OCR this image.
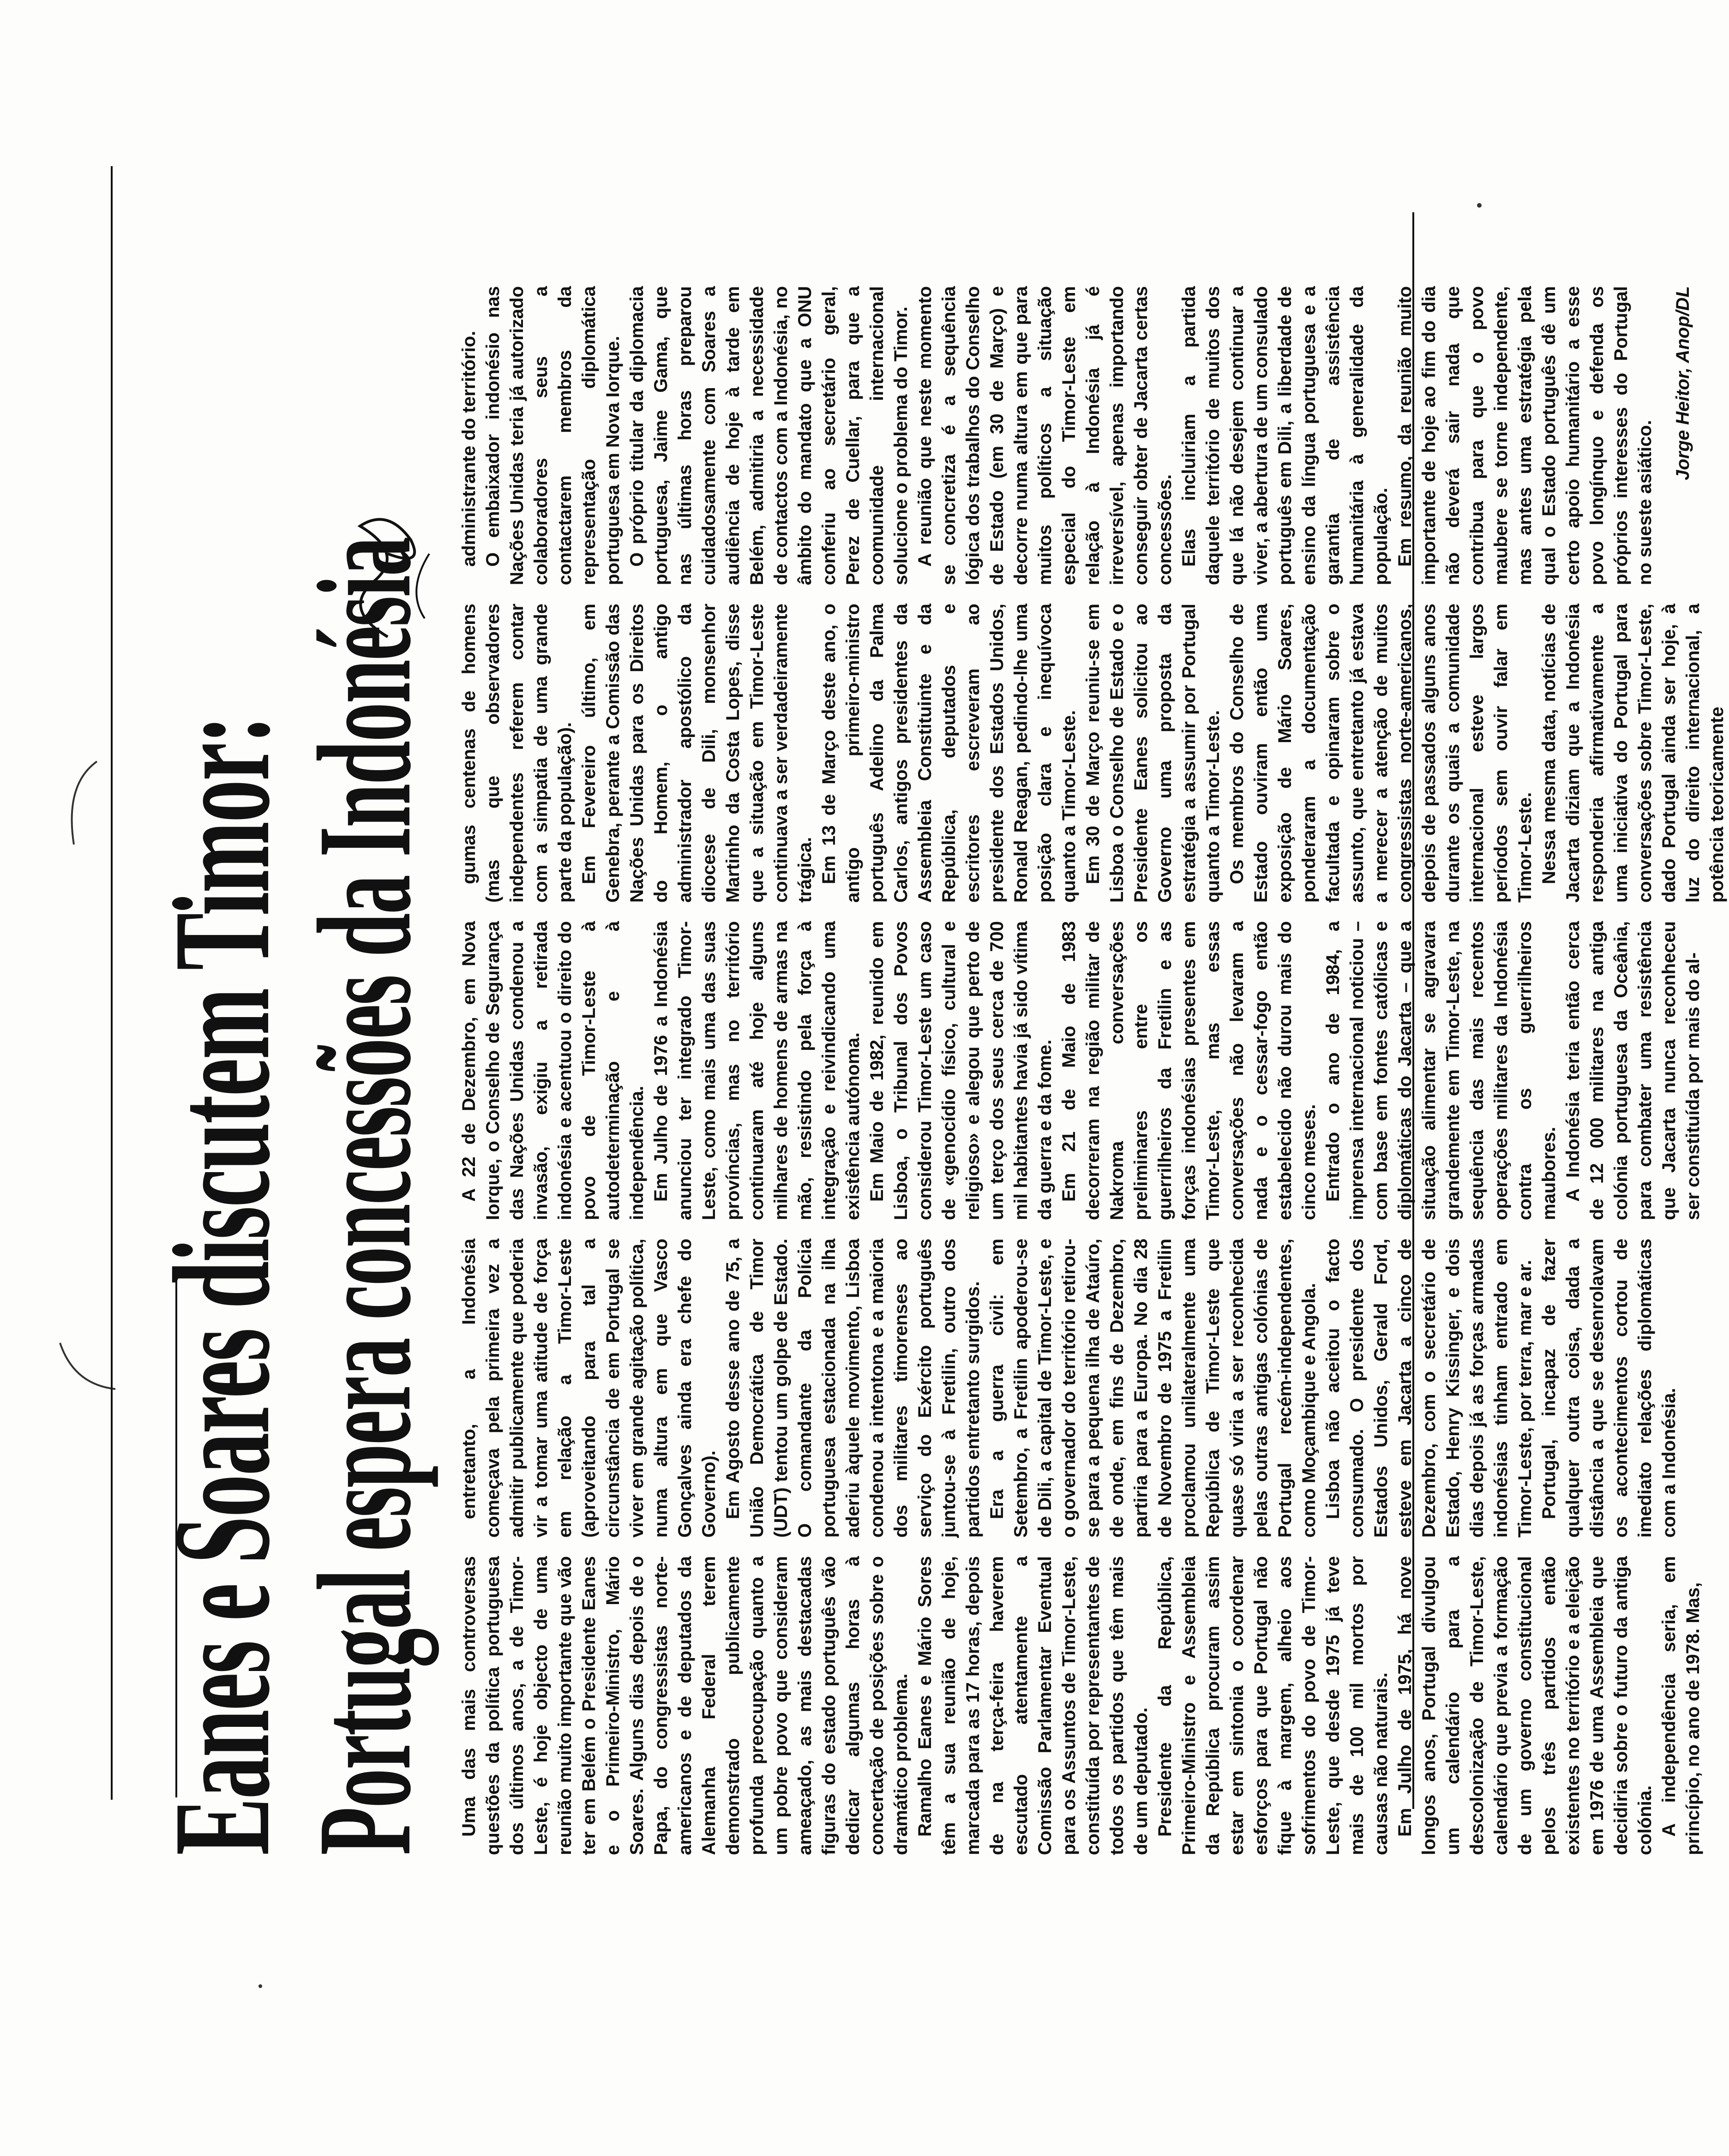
Eanes e Soares discutem Timor:
Portugal espera concessões da Indonésia Uma das mais controversas questões da política portuguesa dos últimos anos, a de Timor-Leste, é hoje objecto de uma reunião muito importante que vão ter em Belém o Presidente Eanes e o Primeiro-Ministro, Mário Soares. Alguns dias depois de o Papa, do congressistas norte-americanos e de deputados da Alemanha Federal terem demonstrado publicamente profunda preocupação quanto a um pobre povo que consideram ameaçado, as mais destacadas figuras do estado português vão dedicar algumas horas à concertação de posições sobre o dramático problema. Ramalho Eanes e Mário Sores têm a sua reunião de hoje, marcada para as 17 horas, depois de na terça-feira haverem escutado atentamente a Comissão Parlamentar Eventual para os Assuntos de Timor-Leste, constituída por representantes de todos os partidos que têm mais de um deputado. Presidente da República, Primeiro-Ministro e Assembleia da República procuram assim estar em sintonia o coordenar esforços para que Portugal não fique à margem, alheio aos sofrimentos do povo de Timor-Leste, que desde 1975 já teve mais de 100 mil mortos por causas não naturais. Em Julho de 1975, há nove longos anos, Portugal divulgou um calendário para a descolonização de Timor-Leste, calendário que previa a formação de um governo constitucional pelos três partidos então existentes no território e a eleição em 1976 de uma Assembleia que decidiria sobre o futuro da antiga colónia. A independência seria, em princípio, no ano de 1978. Mas,

entretanto, a Indonésia começava pela primeira vez a admitir publicamente que poderia vir a tomar uma atitude de força em relação a Timor-Leste (aproveitando para tal a circunstância de em Portugal se viver em grande agitação política, numa altura em que Vasco Gonçalves ainda era chefe do Governo). Em Agosto desse ano de 75, a União Democrática de Timor (UDT) tentou um golpe de Estado. O comandante da Polícia portuguesa estacionada na ilha aderiu àquele movimento, Lisboa condenou a intentona e a maioria dos militares timorenses ao serviço do Exército português juntou-se à Fretilin, outro dos partidos entretanto surgidos. Era a guerra civil: em Setembro, a Fretilin apoderou-se de Dili, a capital de Timor-Leste, e o governador do território retirou-se para a pequena ilha de Ataúro, de onde, em fins de Dezembro, partiria para a Europa. No dia 28 de Novembro de 1975 a Fretilin proclamou unilateralmente uma República de Timor-Leste que quase só viria a ser reconhecida pelas outras antigas colónias de Portugal recém-independentes, como Moçambique e Angola. Lisboa não aceitou o facto consumado. O presidente dos Estados Unidos, Gerald Ford, esteve em Jacarta a cinco de Dezembro, com o secretário de Estado, Henry Kissinger, e dois dias depois já as forças armadas indonésias tinham entrado em Timor-Leste, por terra, mar e ar. Portugal, incapaz de fazer qualquer outra coisa, dada a distância a que se desenrolavam os acontecimentos cortou de imediato relações diplomáticas com a Indonésia.

A 22 de Dezembro, em Nova Iorque, o Conselho de Segurança das Nações Unidas condenou a invasão, exigiu a retirada indonésia e acentuou o direito do povo de Timor-Leste à autodeterminação e à independência. Em Julho de 1976 a Indonésia anunciou ter integrado Timor-Leste, como mais uma das suas províncias, mas no território continuaram até hoje alguns milhares de homens de armas na mão, resistindo pela força à integração e reivindicando uma existência autónoma. Em Maio de 1982, reunido em Lisboa, o Tribunal dos Povos considerou Timor-Leste um caso de «genocídio físico, cultural e religioso» e alegou que perto de um terço dos seus cerca de 700 mil habitantes havia já sido vítima da guerra e da fome. Em 21 de Maio de 1983 decorreram na região militar de Nakroma conversações preliminares entre os guerrilheiros da Fretilin e as forças indonésias presentes em Timor-Leste, mas essas conversações não levaram a nada e o cessar-fogo então estabelecido não durou mais do cinco meses. Entrado o ano de 1984, a imprensa internacional noticiou – com base em fontes católicas e diplomáticas do Jacarta – que a situação alimentar se agravara grandemente em Timor-Leste, na sequência das mais recentos operações militares da Indonésia contra os guerrilheiros maubores. A Indonésia teria então cerca de 12 000 militares na antiga colónia portuguesa da Oceânia, para combater uma resistência que Jacarta nunca reconheceu ser constituída por mais do al-

gumas centenas de homens (mas que observadores independentes referem contar com a simpatia de uma grande parte da população). Em Fevereiro último, em Genebra, perante a Comissão das Nações Unidas para os Direitos do Homem, o antigo administrador apostólico da diocese de Dili, monsenhor Martinho da Costa Lopes, disse que a situação em Timor-Leste continuava a ser verdadeiramente trágica. Em 13 de Março deste ano, o antigo primeiro-ministro português Adelino da Palma Carlos, antigos presidentes da Assembleia Constituinte e da República, deputados e escritores escreveram ao presidente dos Estados Unidos, Ronald Reagan, pedindo-lhe uma posição clara e inequívoca quanto a Timor-Leste. Em 30 de Março reuniu-se em Lisboa o Conselho de Estado e o Presidente Eanes solicitou ao Governo uma proposta da estratégia a assumir por Portugal quanto a Timor-Leste. Os membros do Conselho de Estado ouviram então uma exposição de Mário Soares, ponderaram a documentação facultada e opinaram sobre o assunto, que entretanto já estava a merecer a atenção de muitos congressistas norte-americanos, depois de passados alguns anos durante os quais a comunidade internacional esteve largos períodos sem ouvir falar em Timor-Leste. Nessa mesma data, notícias de Jacarta diziam que a Indonésia responderia afirmativamente a uma iniciativa do Portugal para conversações sobre Timor-Leste, dado Portugal ainda ser hoje, à luz do direito internacional, a potência teoricamente

administrante do território. O embaixador indonésio nas Nações Unidas teria já autorizado colaboradores seus a contactarem membros da representação diplomática portuguesa em Nova Iorque. O próprio titular da diplomacia portuguesa, Jaime Gama, que nas últimas horas preparou cuidadosamente com Soares a audiência de hoje à tarde em Belém, admitiria a necessidade de contactos com a Indonésia, no âmbito do mandato que a ONU conferiu ao secretário geral, Perez de Cuellar, para que a coomunidade internacional solucione o problema do Timor. A reunião que neste momento se concretiza é a sequência lógica dos trabalhos do Conselho de Estado (em 30 de Março) e decorre numa altura em que para muitos políticos a situação especial do Timor-Leste em relação à Indonésia já é irreversível, apenas importando conseguir obter de Jacarta certas concessões. Elas incluiriam a partida daquele território de muitos dos que lá não desejem continuar a viver, a abertura de um consulado português em Dili, a liberdade de ensino da língua portuguesa e a garantia de assistência humanitária à generalidade da população. Em resumo, da reunião muito importante de hoje ao fim do dia não deverá sair nada que contribua para que o povo maubere se torne independente, mas antes uma estratégia pela qual o Estado português dê um certo apoio humanitário a esse povo longínquo e defenda os próprios interesses do Portugal no sueste asiático.

Jorge Heitor, Anop/DL
